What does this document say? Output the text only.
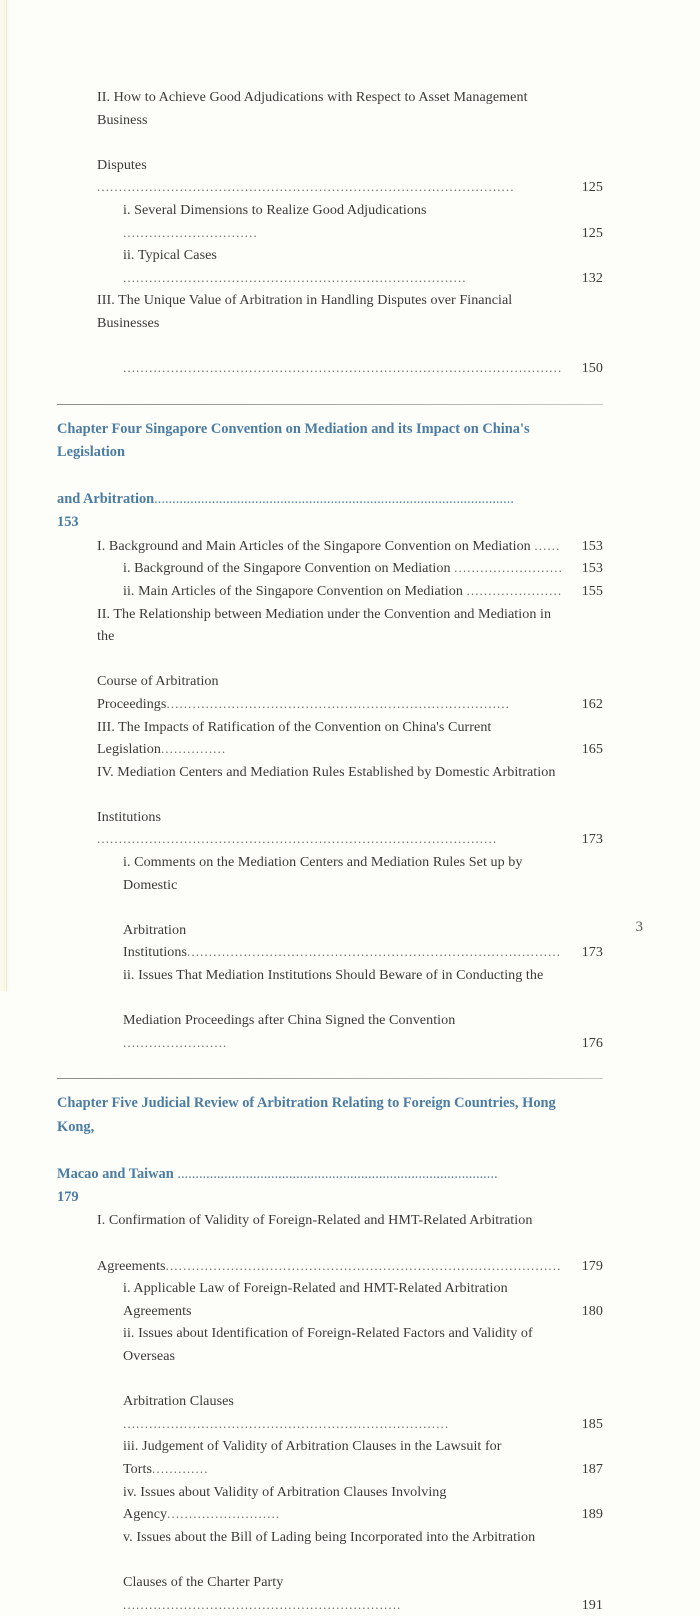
II. How to Achieve Good Adjudications with Respect to Asset Management Business

Disputes ................................................................................................	125
i. Several Dimensions to Realize Good Adjudications ...............................	125
ii. Typical Cases ...............................................................................	132
III. The Unique Value of Arbitration in Handling Disputes over Financial Businesses

.....................................................................................................	150
Chapter Four Singapore Convention on Mediation and its Impact on China's Legislation

and Arbitration....................................................................................................
153
I. Background and Main Articles of the Singapore Convention on Mediation ......	153
i. Background of the Singapore Convention on Mediation .........................	153
ii. Main Articles of the Singapore Convention on Mediation ......................	155
II. The Relationship between Mediation under the Convention and Mediation in the

Course of Arbitration Proceedings...............................................................................	162
III. The Impacts of Ratification of the Convention on China's Current Legislation...............	165
IV. Mediation Centers and Mediation Rules Established by Domestic Arbitration

Institutions ............................................................................................	173
i. Comments on the Mediation Centers and Mediation Rules Set up by Domestic

Arbitration Institutions......................................................................................	173
ii. Issues That Mediation Institutions Should Beware of in Conducting the

Mediation Proceedings after China Signed the Convention ........................	176
Chapter Five Judicial Review of Arbitration Relating to Foreign Countries, Hong Kong,

Macao and Taiwan .........................................................................................
179
I. Confirmation of Validity of Foreign-Related and HMT-Related Arbitration

Agreements...........................................................................................	179
i. Applicable Law of Foreign-Related and HMT-Related Arbitration Agreements	180
ii. Issues about Identification of Foreign-Related Factors and Validity of Overseas

Arbitration Clauses ...........................................................................	185
iii. Judgement of Validity of Arbitration Clauses in the Lawsuit for Torts.............	187
iv. Issues about Validity of Arbitration Clauses Involving Agency..........................	189
v. Issues about the Bill of Lading being Incorporated into the Arbitration

Clauses of the Charter Party ................................................................	191
3
